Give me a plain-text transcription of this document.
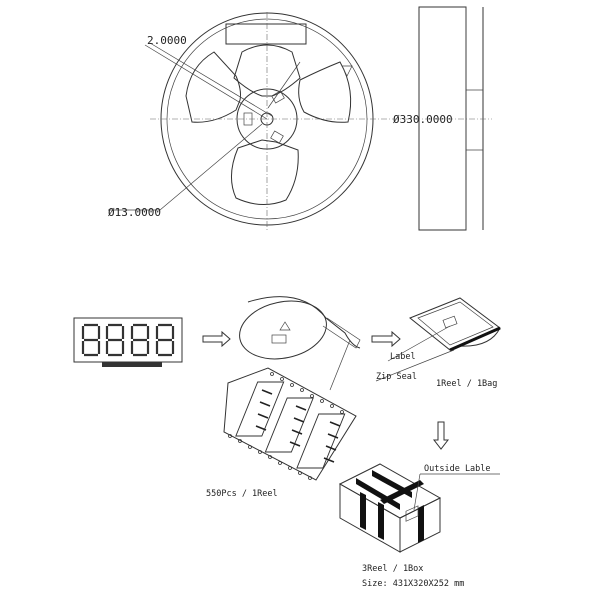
2.0000
Ø13.0000
Ø330.0000
Label
Zip Seal
1Reel / 1Bag
550Pcs / 1Reel
Outside Lable
3Reel / 1Box
Size: 431X320X252 mm
